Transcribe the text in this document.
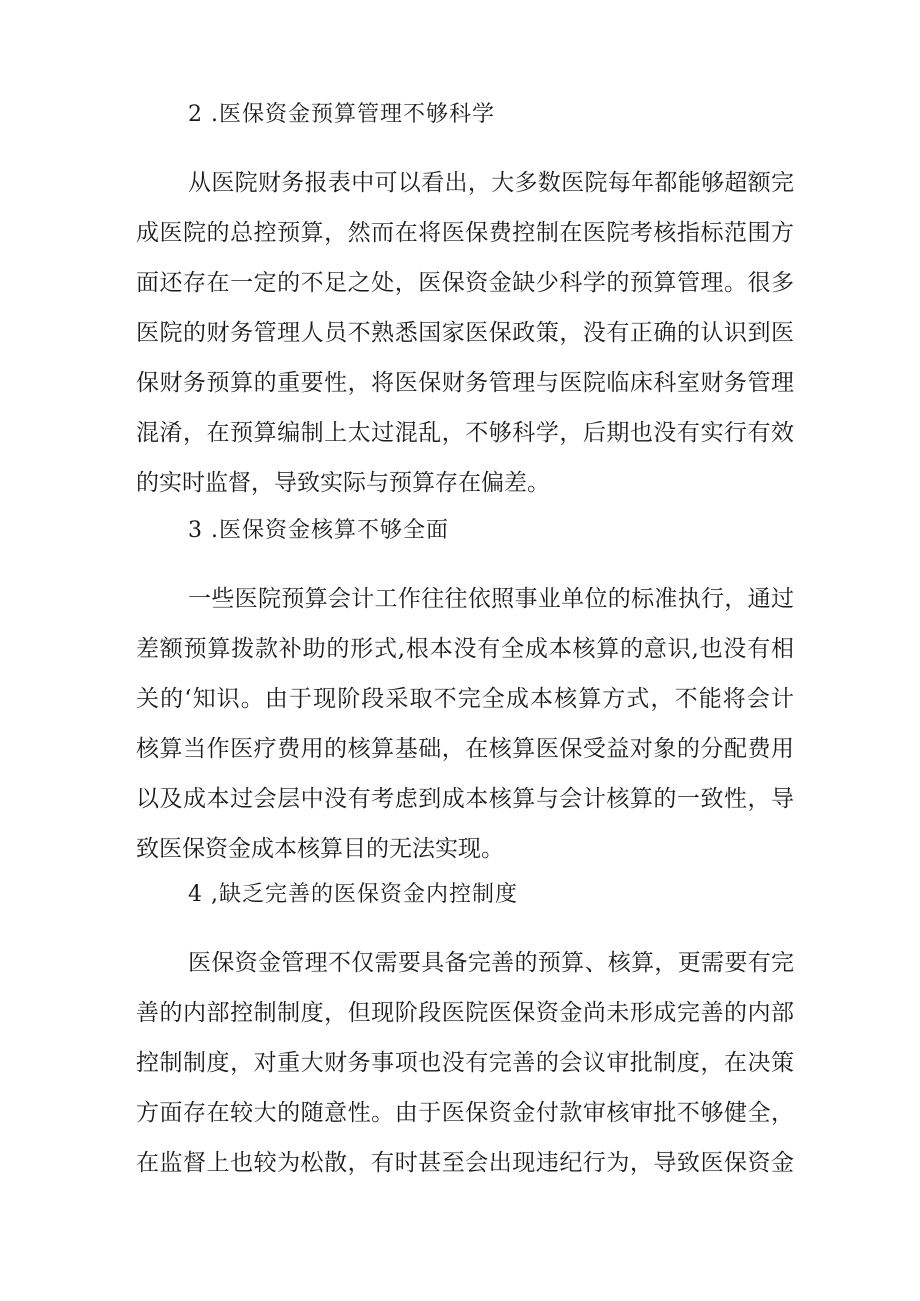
2 .医保资金预算管理不够科学
从医院财务报表中可以看出，大多数医院每年都能够超额完
成医院的总控预算，然而在将医保费控制在医院考核指标范围方
面还存在一定的不足之处，医保资金缺少科学的预算管理。很多
医院的财务管理人员不熟悉国家医保政策，没有正确的认识到医
保财务预算的重要性，将医保财务管理与医院临床科室财务管理
混淆，在预算编制上太过混乱，不够科学，后期也没有实行有效
的实时监督，导致实际与预算存在偏差。
3 .医保资金核算不够全面
一些医院预算会计工作往往依照事业单位的标准执行，通过
差额预算拨款补助的形式,根本没有全成本核算的意识,也没有相
关的‘知识。由于现阶段采取不完全成本核算方式，不能将会计
核算当作医疗费用的核算基础，在核算医保受益对象的分配费用
以及成本过会层中没有考虑到成本核算与会计核算的一致性，导
致医保资金成本核算目的无法实现。
4 ,缺乏完善的医保资金内控制度
医保资金管理不仅需要具备完善的预算、核算，更需要有完
善的内部控制制度，但现阶段医院医保资金尚未形成完善的内部
控制制度，对重大财务事项也没有完善的会议审批制度，在决策
方面存在较大的随意性。由于医保资金付款审核审批不够健全，
在监督上也较为松散，有时甚至会出现违纪行为，导致医保资金
